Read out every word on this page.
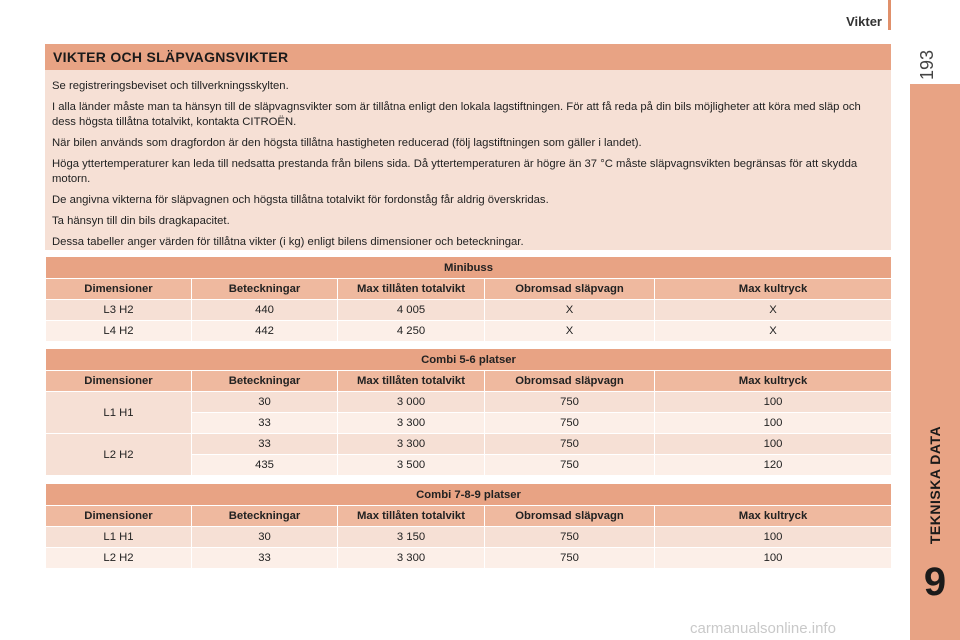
Vikter
193
TEKNISKA DATA
9
VIKTER OCH SLÄPVAGNSVIKTER

Se registreringsbeviset och tillverkningsskylten.

I alla länder måste man ta hänsyn till de släpvagnsvikter som är tillåtna enligt den lokala lagstiftningen. För att få reda på din bils möjligheter att köra med släp och dess högsta tillåtna totalvikt, kontakta CITROËN.

När bilen används som dragfordon är den högsta tillåtna hastigheten reducerad (följ lagstiftningen som gäller i landet).

Höga yttertemperaturer kan leda till nedsatta prestanda från bilens sida. Då yttertemperaturen är högre än 37 °C måste släpvagnsvikten begränsas för att skydda motorn.

De angivna vikterna för släpvagnen och högsta tillåtna totalvikt för fordonståg får aldrig överskridas.

Ta hänsyn till din bils dragkapacitet.

Dessa tabeller anger värden för tillåtna vikter (i kg) enligt bilens dimensioner och beteckningar.

Minibuss				
Dimensioner	Beteckningar	Max tillåten totalvikt	Obromsad släpvagn	Max kultryck
L3 H2	440	4 005	X	X
L4 H2	442	4 250	X	X
Combi 5-6 platser				
Dimensioner	Beteckningar	Max tillåten totalvikt	Obromsad släpvagn	Max kultryck
L1 H1	30	3 000	750	100
	33	3 300	750	100
L2 H2	33	3 300	750	100
	435	3 500	750	120
Combi 7-8-9 platser				
Dimensioner	Beteckningar	Max tillåten totalvikt	Obromsad släpvagn	Max kultryck
L1 H1	30	3 150	750	100
L2 H2	33	3 300	750	100
carmanualsonline.info
